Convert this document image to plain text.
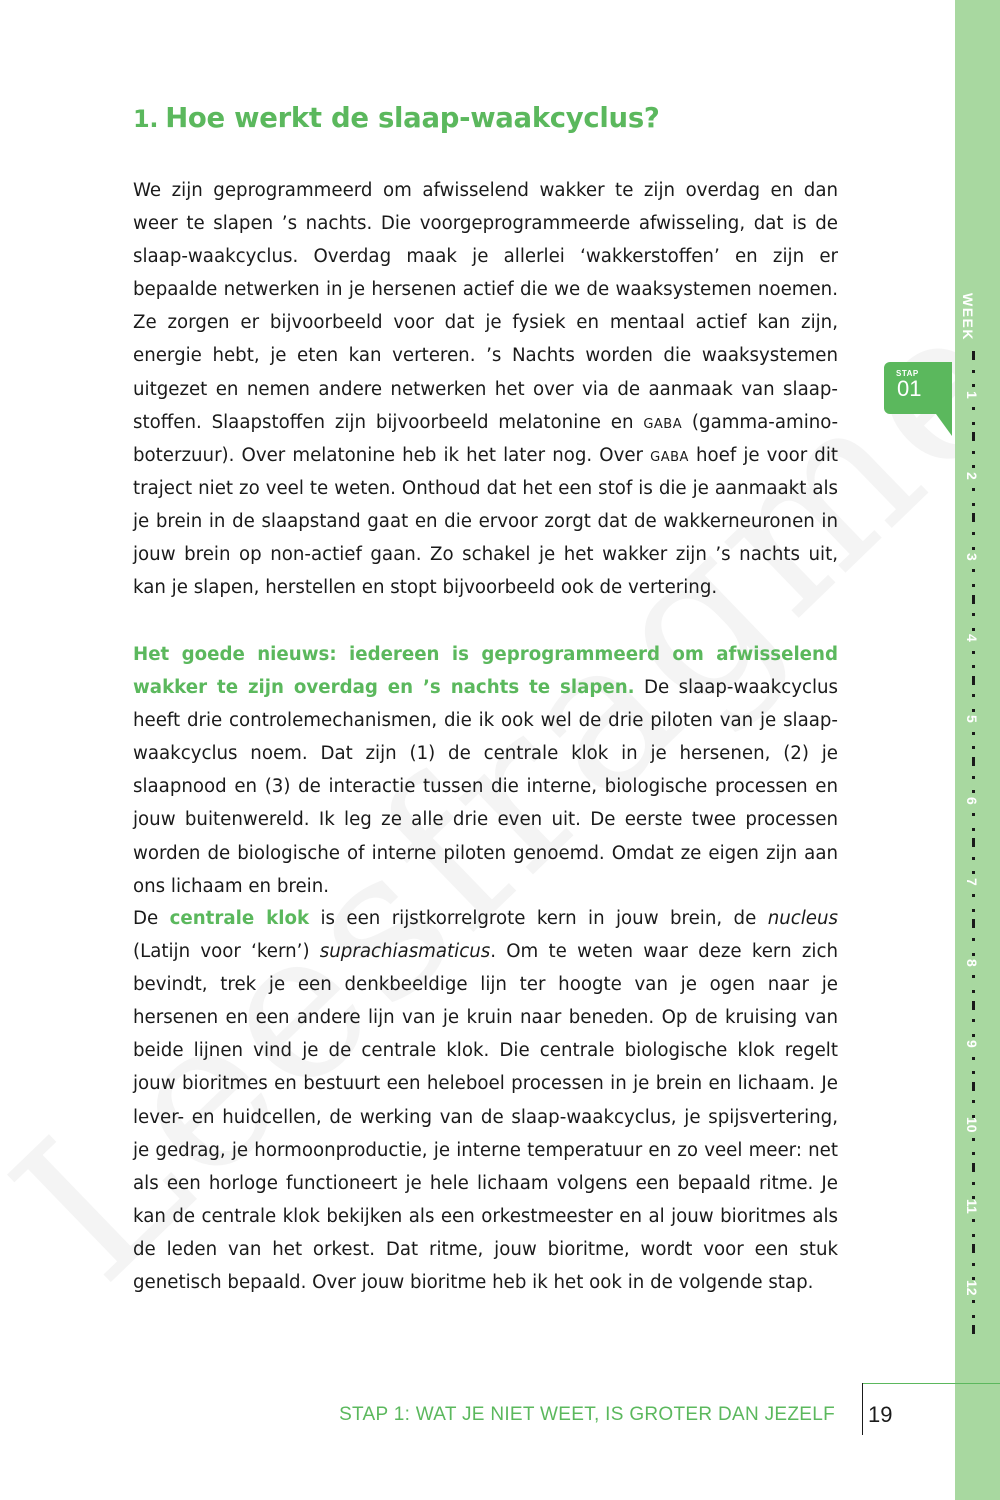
1. Hoe werkt de slaap-waakcyclus?

We zijn geprogrammeerd om afwisselend wakker te zijn overdag en dan weer te slapen ’s nachts. Die voorgeprogrammeerde afwisseling, dat is de slaap-waakcyclus. Overdag maak je allerlei ‘wakkerstoffen’ en zijn er bepaalde netwerken in je hersenen actief die we de waaksystemen noemen. Ze zorgen er bijvoorbeeld voor dat je fysiek en mentaal actief kan zijn, energie hebt, je eten kan verteren. ’s Nachts worden die waaksystemen uitgezet en nemen andere netwerken het over via de aanmaak van slaapstoffen. Slaapstoffen zijn bijvoorbeeld melatonine en gaba (gamma-aminoboterzuur). Over melatonine heb ik het later nog. Over gaba hoef je voor dit traject niet zo veel te weten. Onthoud dat het een stof is die je aanmaakt als je brein in de slaapstand gaat en die ervoor zorgt dat de wakkerneuronen in jouw brein op non-actief gaan. Zo schakel je het wakker zijn ’s nachts uit, kan je slapen, herstellen en stopt bijvoorbeeld ook de vertering.

Het goede nieuws: iedereen is geprogrammeerd om afwisselend wakker te zijn overdag en ’s nachts te slapen. De slaap-waakcyclus heeft drie controlemechanismen, die ik ook wel de drie piloten van je slaap-waakcyclus noem. Dat zijn (1) de centrale klok in je hersenen, (2) je slaapnood en (3) de interactie tussen die interne, biologische processen en jouw buitenwereld. Ik leg ze alle drie even uit. De eerste twee processen worden de biologische of interne piloten genoemd. Omdat ze eigen zijn aan ons lichaam en brein.

De centrale klok is een rijstkorrelgrote kern in jouw brein, de nucleus (Latijn voor ‘kern’) suprachiasmaticus. Om te weten waar deze kern zich bevindt, trek je een denkbeeldige lijn ter hoogte van je ogen naar je hersenen en een andere lijn van je kruin naar beneden. Op de kruising van beide lijnen vind je de centrale klok. Die centrale biologische klok regelt jouw bioritmes en bestuurt een heleboel processen in je brein en lichaam. Je lever- en huidcellen, de werking van de slaap-waakcyclus, je spijsvertering, je gedrag, je hormoonproductie, je interne temperatuur en zo veel meer: net als een horloge functioneert je hele lichaam volgens een bepaald ritme. Je kan de centrale klok bekijken als een orkestmeester en al jouw bioritmes als de leden van het orkest. Dat ritme, jouw bioritme, wordt voor een stuk genetisch bepaald. Over jouw bioritme heb ik het ook in de volgende stap.

WEEK
1
2
3
4
5
6
7
8
9
10
11
12
STAP
01
STAP 1: WAT JE NIET WEET, IS GROTER DAN JEZELF 19
